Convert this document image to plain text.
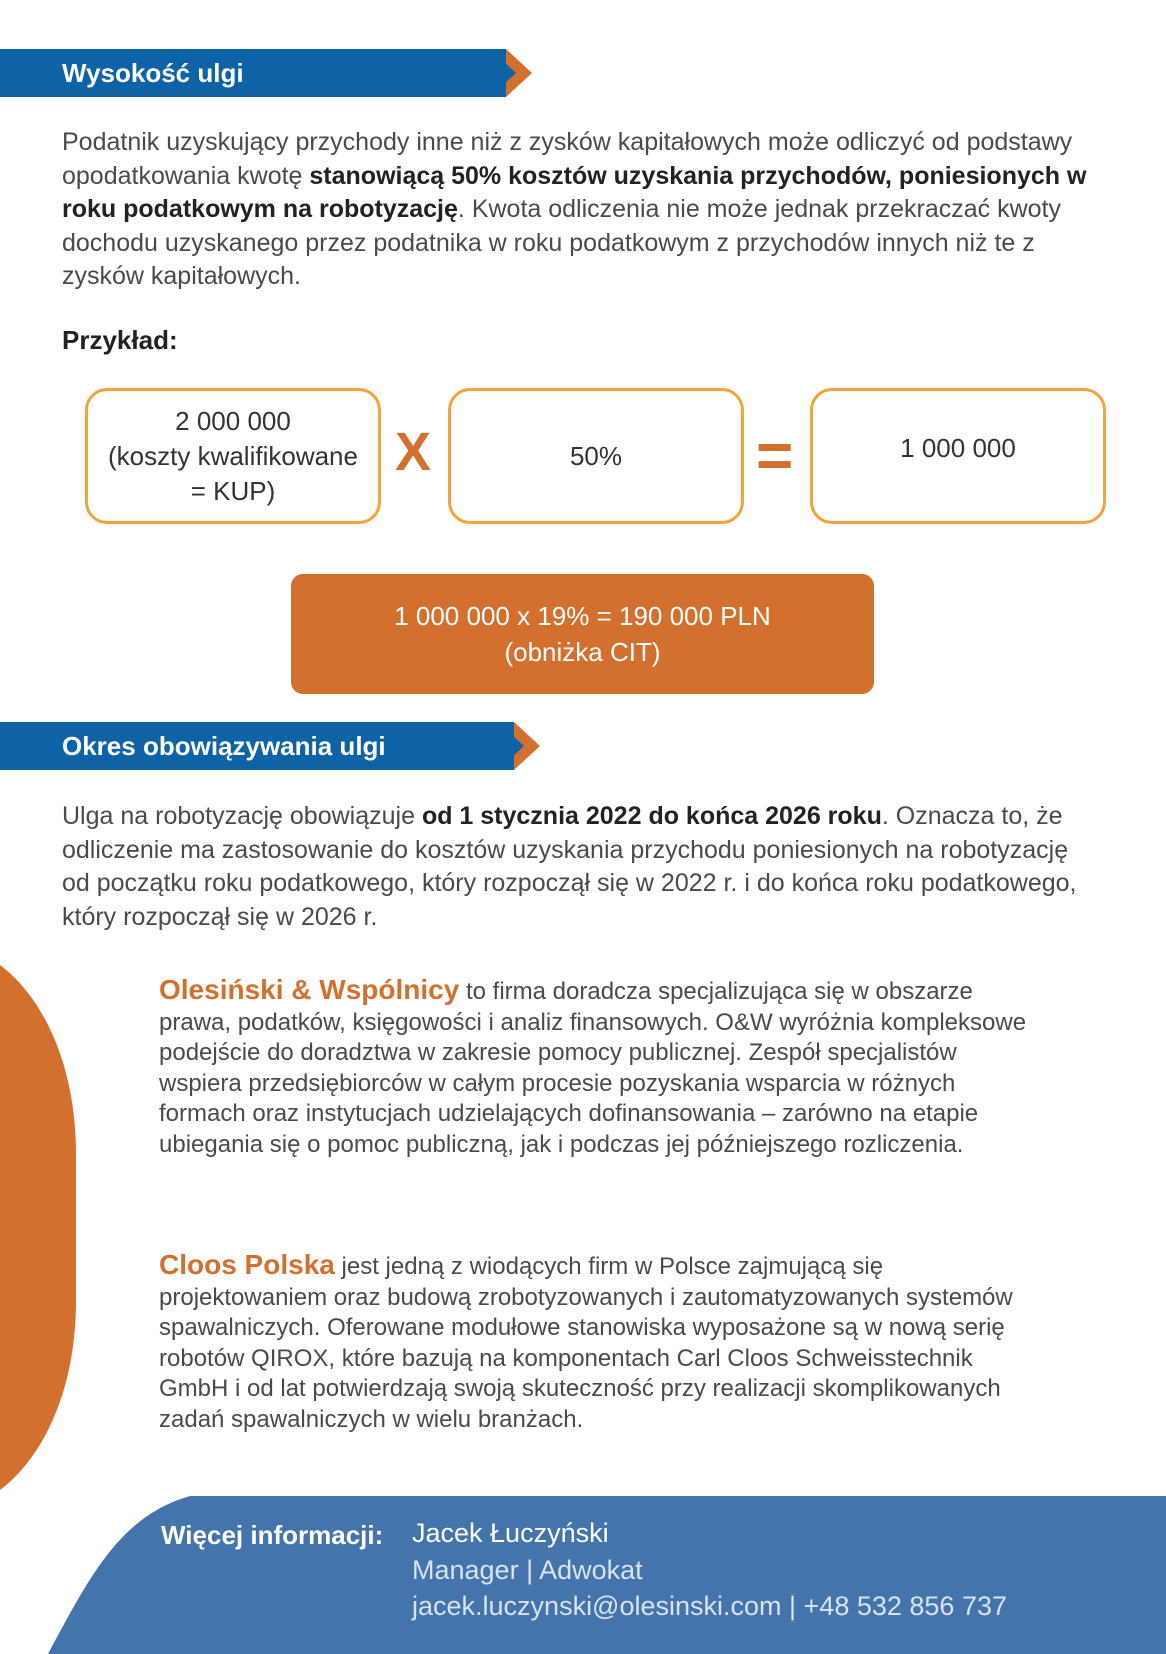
Wysokość ulgi

Podatnik uzyskujący przychody inne niż z zysków kapitałowych może odliczyć od podstawy opodatkowania kwotę stanowiącą 50% kosztów uzyskania przychodów, poniesionych w roku podatkowym na robotyzację. Kwota odliczenia nie może jednak przekraczać kwoty dochodu uzyskanego przez podatnika w roku podatkowym z przychodów innych niż te z zysków kapitałowych.

Przykład:
2 000 000
(koszty kwalifikowane
= KUP)
X	50% =	1 000 000
1 000 000 x 19% = 190 000 PLN
(obniżka CIT)
Okres obowiązywania ulgi

Ulga na robotyzację obowiązuje od 1 stycznia 2022 do końca 2026 roku. Oznacza to, że odliczenie ma zastosowanie do kosztów uzyskania przychodu poniesionych na robotyzację od początku roku podatkowego, który rozpoczął się w 2022 r. i do końca roku podatkowego, który rozpoczął się w 2026 r.

Olesiński & Wspólnicy to firma doradcza specjalizująca się w obszarze prawa, podatków, księgowości i analiz finansowych. O&W wyróżnia kompleksowe podejście do doradztwa w zakresie pomocy publicznej. Zespół specjalistów wspiera przedsiębiorców w całym procesie pozyskania wsparcia w różnych formach oraz instytucjach udzielających dofinansowania – zarówno na etapie ubiegania się o pomoc publiczną, jak i podczas jej późniejszego rozliczenia.

Cloos Polska jest jedną z wiodących firm w Polsce zajmującą się projektowaniem oraz budową zrobotyzowanych i zautomatyzowanych systemów spawalniczych. Oferowane modułowe stanowiska wyposażone są w nową serię robotów QIROX, które bazują na komponentach Carl Cloos Schweisstechnik GmbH i od lat potwierdzają swoją skuteczność przy realizacji skomplikowanych zadań spawalniczych w wielu branżach.

Więcej informacji: Jacek Łuczyński
Manager | Adwokat
jacek.luczynski@olesinski.com | +48 532 856 737
